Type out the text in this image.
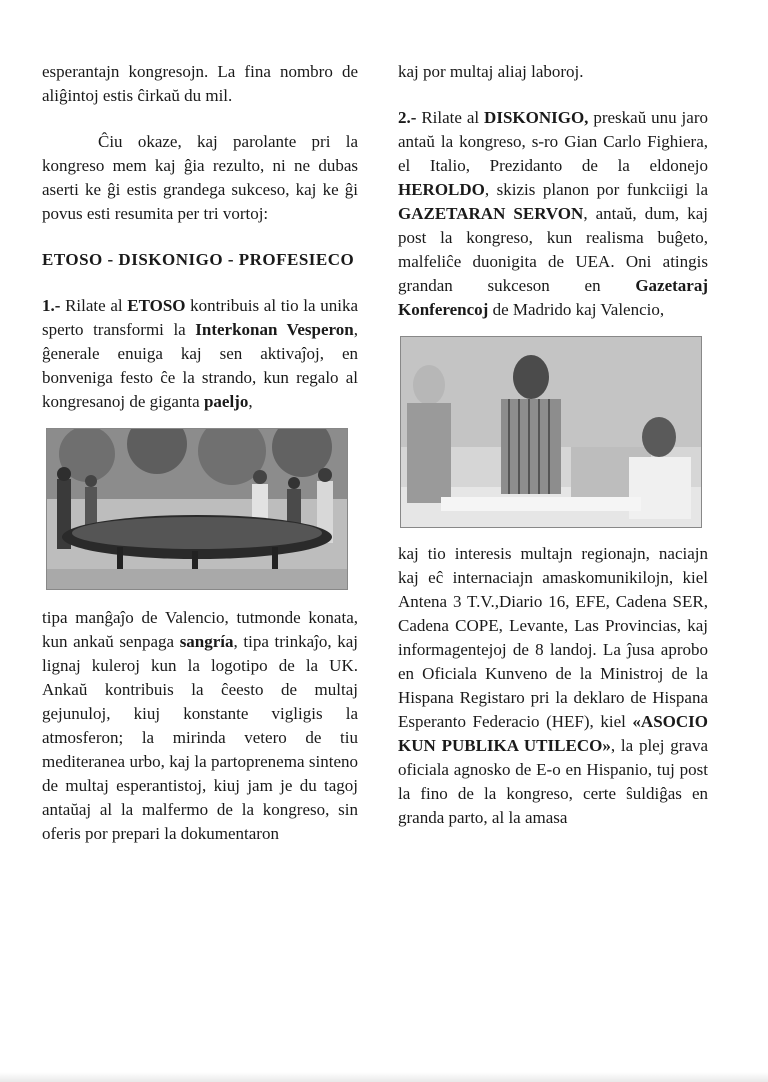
esperantajn kongresojn. La fina nombro de aliĝintoj estis ĉirkaŭ du mil.

Ĉiu okaze, kaj parolante pri la kongreso mem kaj ĝia rezulto, ni ne dubas aserti ke ĝi estis grandega sukceso, kaj ke ĝi povus esti resumita per tri vortoj:

ETOSO - DISKONIGO - PROFESIECO

1.- Rilate al ETOSO kontribuis al tio la unika sperto transformi la Interkonan Vesperon, ĝenerale enuiga kaj sen aktivaĵoj, en bonveniga festo ĉe la strando, kun regalo al kongresanoj de giganta paeljo,

tipa manĝaĵo de Valencio, tutmonde konata, kun ankaŭ senpaga sangría, tipa trinkaĵo, kaj lignaj kuleroj kun la logotipo de la UK. Ankaŭ kontribuis la ĉeesto de multaj gejunuloj, kiuj konstante vigligis la atmosferon; la mirinda vetero de tiu mediteranea urbo, kaj la partoprenema sinteno de multaj esperantistoj, kiuj jam je du tagoj antaŭaj al la malfermo de la kongreso, sin oferis por prepari la dokumentaron

kaj por multaj aliaj laboroj.

2.- Rilate al DISKONIGO, preskaŭ unu jaro antaŭ la kongreso, s-ro Gian Carlo Fighiera, el Italio, Prezidanto de la eldonejo HEROLDO, skizis planon por funkciigi la GAZETARAN SERVON, antaŭ, dum, kaj post la kongreso, kun realisma buĝeto, malfeliĉe duonigita de UEA. Oni atingis grandan sukceson en Gazetaraj Konferencoj de Madrido kaj Valencio,

kaj tio interesis multajn regionajn, naciajn kaj eĉ internaciajn amaskomunikilojn, kiel Antena 3 T.V.,Diario 16, EFE, Cadena SER, Cadena COPE, Levante, Las Provincias, kaj informagentejoj de 8 landoj. La ĵusa aprobo en Oficiala Kunveno de la Ministroj de la Hispana Registaro pri la deklaro de Hispana Esperanto Federacio (HEF), kiel «ASOCIO KUN PUBLIKA UTILECO», la plej grava oficiala agnosko de E-o en Hispanio, tuj post la fino de la kongreso, certe ŝuldiĝas en granda parto, al la amasa
